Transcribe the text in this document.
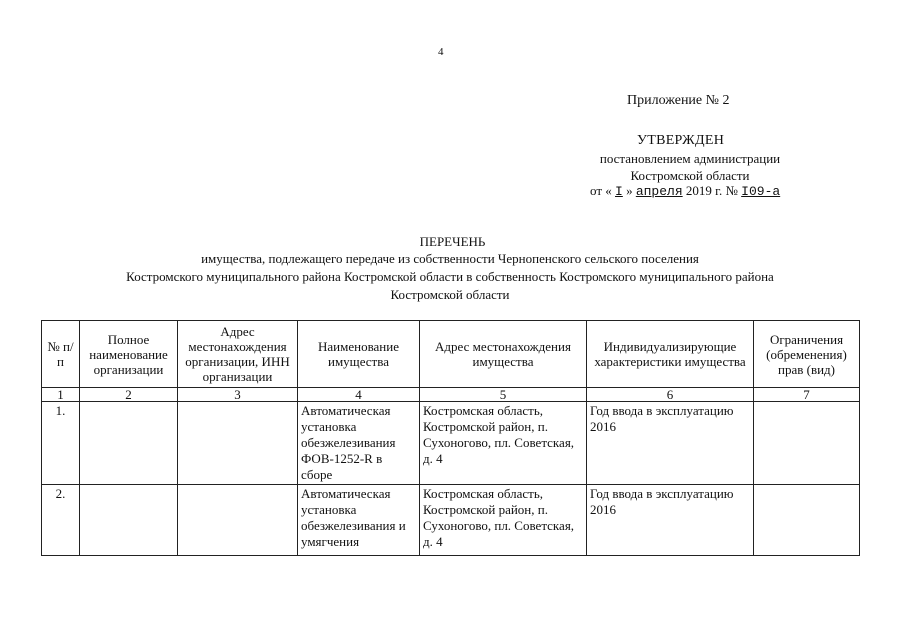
4
Приложение № 2
УТВЕРЖДЕН
постановлением администрации
Костромской области
от « I » апреля 2019 г. № I09-а
ПЕРЕЧЕНЬ
имущества, подлежащего передаче из собственности Чернопенского сельского поселения
Костромского муниципального района Костромской области в собственность Костромского муниципального района
Костромской области
№ п/п	Полное наименование организации	Адрес местонахождения организации, ИНН организации	Наименование имущества	Адрес местонахождения имущества	Индивидуализирующие характеристики имущества	Ограничения (обременения) прав (вид)
1	2	3	4	5	6	7
1.			Автоматическая установка обезжелезивания ФОВ-1252-R в сборе	Костромская область, Костромской район, п. Сухоногово, пл. Советская, д. 4	Год ввода в эксплуатацию 2016	
2.			Автоматическая установка обезжелезивания и умягчения	Костромская область, Костромской район, п. Сухоногово, пл. Советская, д. 4	Год ввода в эксплуатацию 2016	
